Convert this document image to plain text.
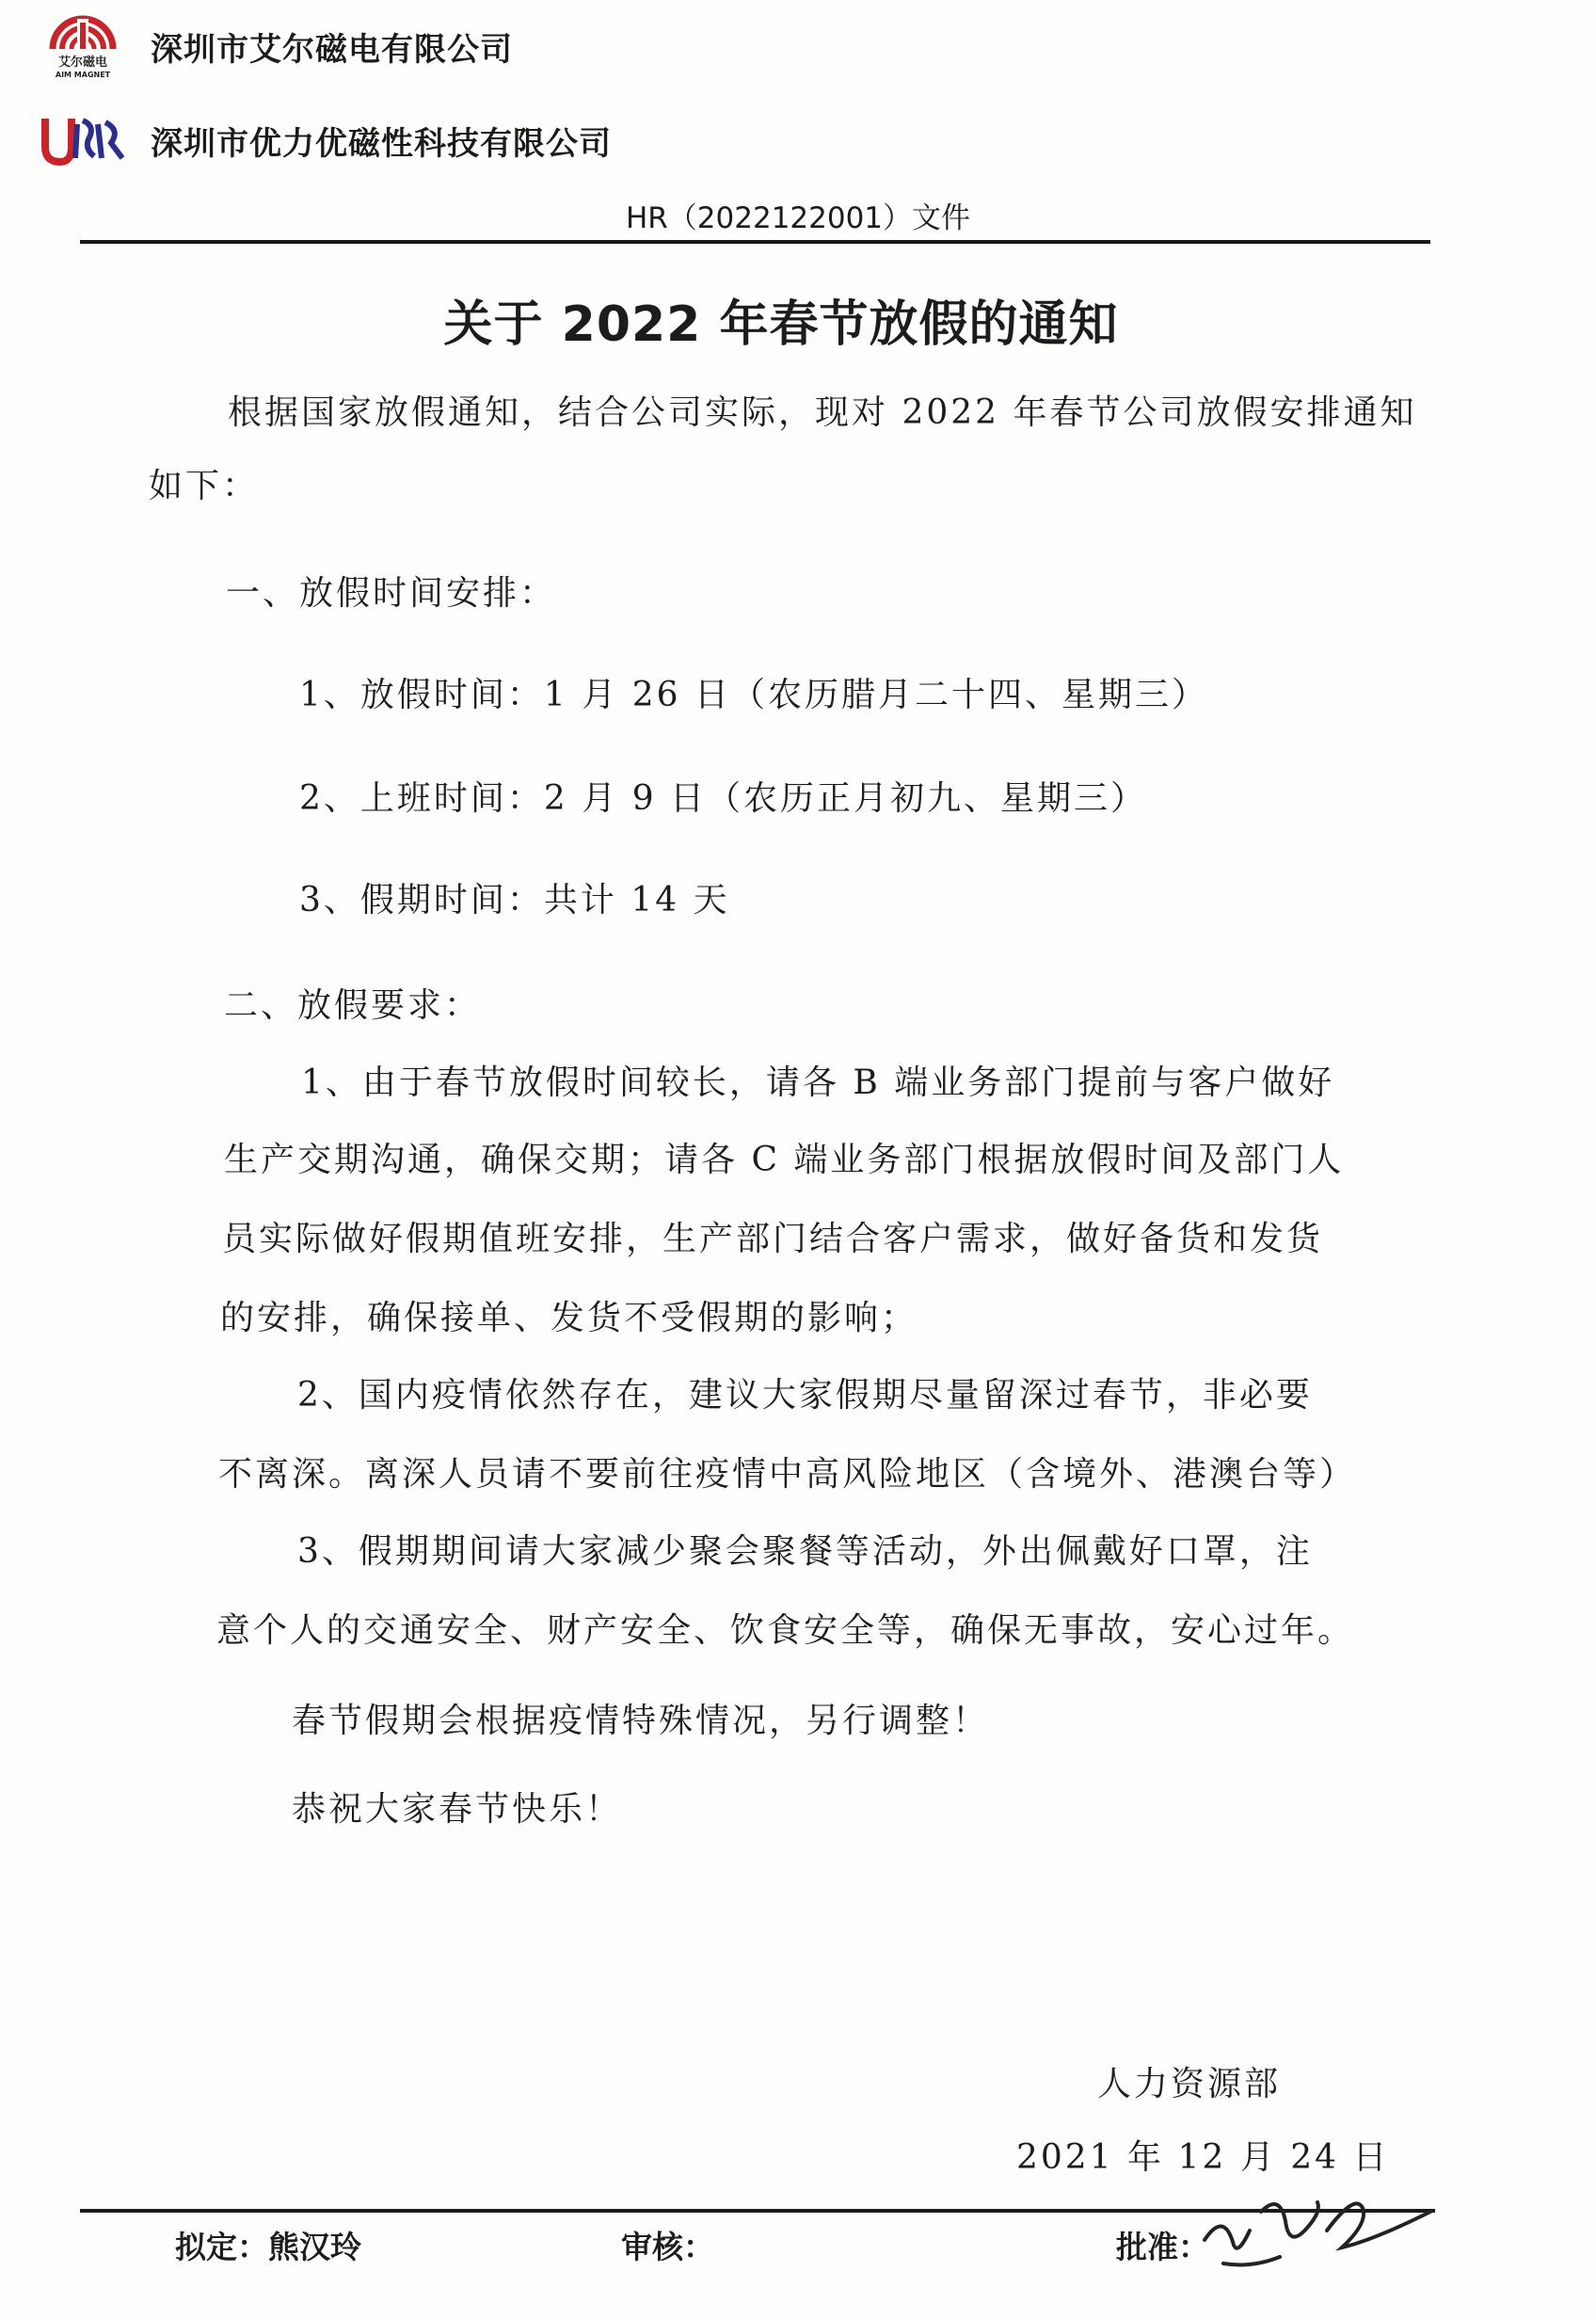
艾尔磁电
AIM MAGNET
深圳市艾尔磁电有限公司
深圳市优力优磁性科技有限公司
HR（2022122001）文件
关于 2022 年春节放假的通知
根据国家放假通知，结合公司实际，现对 2022 年春节公司放假安排通知
如下：
一、放假时间安排：
1、放假时间：1 月 26 日（农历腊月二十四、星期三）
2、上班时间：2 月 9 日（农历正月初九、星期三）
3、假期时间：共计 14 天
二、放假要求：
1、由于春节放假时间较长，请各 B 端业务部门提前与客户做好
生产交期沟通，确保交期；请各 C 端业务部门根据放假时间及部门人
员实际做好假期值班安排，生产部门结合客户需求，做好备货和发货
的安排，确保接单、发货不受假期的影响；
2、国内疫情依然存在，建议大家假期尽量留深过春节，非必要
不离深。离深人员请不要前往疫情中高风险地区（含境外、港澳台等）
3、假期期间请大家减少聚会聚餐等活动，外出佩戴好口罩，注
意个人的交通安全、财产安全、饮食安全等，确保无事故，安心过年。
春节假期会根据疫情特殊情况，另行调整！
恭祝大家春节快乐！
人力资源部
2021 年 12 月 24 日
拟定：熊汉玲	审核：	批准：
